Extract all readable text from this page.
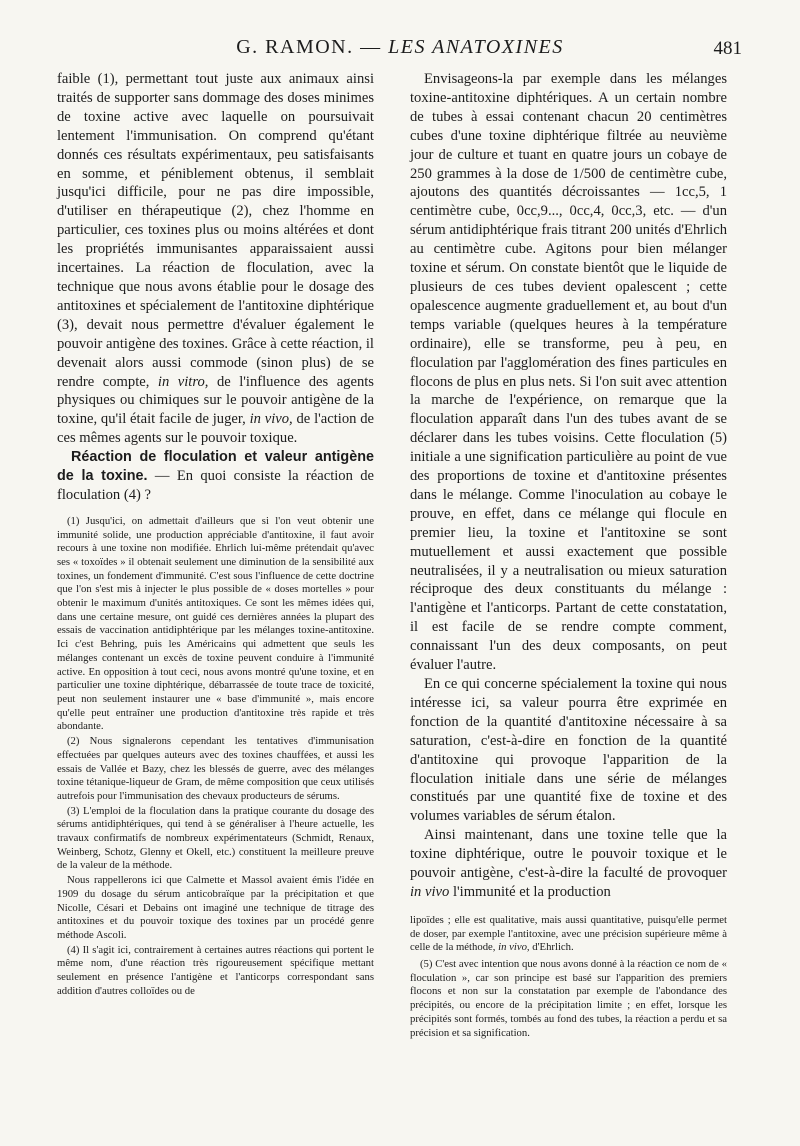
G. RAMON. — LES ANATOXINES	481

faible (1), permettant tout juste aux animaux ainsi traités de supporter sans dommage des doses minimes de toxine active avec laquelle on poursuivait lentement l'immunisation. On comprend qu'étant donnés ces résultats expérimentaux, peu satisfaisants en somme, et péniblement obtenus, il semblait jusqu'ici difficile, pour ne pas dire impossible, d'utiliser en thérapeutique (2), chez l'homme en particulier, ces toxines plus ou moins altérées et dont les propriétés immunisantes apparaissaient aussi incertaines. La réaction de floculation, avec la technique que nous avons établie pour le dosage des antitoxines et spécialement de l'antitoxine diphtérique (3), devait nous permettre d'évaluer également le pouvoir antigène des toxines. Grâce à cette réaction, il devenait alors aussi commode (sinon plus) de se rendre compte, in vitro, de l'influence des agents physiques ou chimiques sur le pouvoir antigène de la toxine, qu'il était facile de juger, in vivo, de l'action de ces mêmes agents sur le pouvoir toxique.

Réaction de floculation et valeur antigène de la toxine. — En quoi consiste la réaction de floculation (4) ?

(1) Jusqu'ici, on admettait d'ailleurs que si l'on veut obtenir une immunité solide, une production appréciable d'antitoxine, il faut avoir recours à une toxine non modifiée. Ehrlich lui-même prétendait qu'avec ses « toxoïdes » il obtenait seulement une diminution de la sensibilité aux toxines, un fondement d'immunité. C'est sous l'influence de cette doctrine que l'on s'est mis à injecter le plus possible de « doses mortelles » pour obtenir le maximum d'unités antitoxiques. Ce sont les mêmes idées qui, dans une certaine mesure, ont guidé ces dernières années la plupart des essais de vaccination antidiphtérique par les mélanges toxine-antitoxine. Ici c'est Behring, puis les Américains qui admettent que seuls les mélanges contenant un excès de toxine peuvent conduire à l'immunité active. En opposition à tout ceci, nous avons montré qu'une toxine, et en particulier une toxine diphtérique, débarrassée de toute trace de toxicité, peut non seulement instaurer une « base d'immunité », mais encore qu'elle peut entraîner une production d'antitoxine très rapide et très abondante.

(2) Nous signalerons cependant les tentatives d'immunisation effectuées par quelques auteurs avec des toxines chauffées, et aussi les essais de Vallée et Bazy, chez les blessés de guerre, avec des mélanges toxine tétanique-liqueur de Gram, de même composition que ceux utilisés autrefois pour l'immunisation des chevaux producteurs de sérums.

(3) L'emploi de la floculation dans la pratique courante du dosage des sérums antidiphtériques, qui tend à se généraliser à l'heure actuelle, les travaux confirmatifs de nombreux expérimentateurs (Schmidt, Renaux, Weinberg, Schotz, Glenny et Okell, etc.) constituent la meilleure preuve de la valeur de la méthode.

Nous rappellerons ici que Calmette et Massol avaient émis l'idée en 1909 du dosage du sérum anticobraïque par la précipitation et que Nicolle, Césari et Debains ont imaginé une technique de titrage des antitoxines et du pouvoir toxique des toxines par un procédé genre méthode Ascoli.

(4) Il s'agit ici, contrairement à certaines autres réactions qui portent le même nom, d'une réaction très rigoureusement spécifique mettant seulement en présence l'antigène et l'anticorps correspondant sans addition d'autres colloïdes ou de

Envisageons-la par exemple dans les mélanges toxine-antitoxine diphtériques. A un certain nombre de tubes à essai contenant chacun 20 centimètres cubes d'une toxine diphtérique filtrée au neuvième jour de culture et tuant en quatre jours un cobaye de 250 grammes à la dose de 1/500 de centimètre cube, ajoutons des quantités décroissantes — 1cc,5, 1 centimètre cube, 0cc,9..., 0cc,4, 0cc,3, etc. — d'un sérum antidiphtérique frais titrant 200 unités d'Ehrlich au centimètre cube. Agitons pour bien mélanger toxine et sérum. On constate bientôt que le liquide de plusieurs de ces tubes devient opalescent ; cette opalescence augmente graduellement et, au bout d'un temps variable (quelques heures à la température ordinaire), elle se transforme, peu à peu, en floculation par l'agglomération des fines particules en flocons de plus en plus nets. Si l'on suit avec attention la marche de l'expérience, on remarque que la floculation apparaît dans l'un des tubes avant de se déclarer dans les tubes voisins. Cette floculation (5) initiale a une signification particulière au point de vue des proportions de toxine et d'antitoxine présentes dans le mélange. Comme l'inoculation au cobaye le prouve, en effet, dans ce mélange qui flocule en premier lieu, la toxine et l'antitoxine se sont mutuellement et aussi exactement que possible neutralisées, il y a neutralisation ou mieux saturation réciproque des deux constituants du mélange : l'antigène et l'anticorps. Partant de cette constatation, il est facile de se rendre compte comment, connaissant l'un des deux composants, on peut évaluer l'autre.

En ce qui concerne spécialement la toxine qui nous intéresse ici, sa valeur pourra être exprimée en fonction de la quantité d'antitoxine nécessaire à sa saturation, c'est-à-dire en fonction de la quantité d'antitoxine qui provoque l'apparition de la floculation initiale dans une série de mélanges constitués par une quantité fixe de toxine et des volumes variables de sérum étalon.

Ainsi maintenant, dans une toxine telle que la toxine diphtérique, outre le pouvoir toxique et le pouvoir antigène, c'est-à-dire la faculté de provoquer in vivo l'immunité et la production

lipoïdes ; elle est qualitative, mais aussi quantitative, puisqu'elle permet de doser, par exemple l'antitoxine, avec une précision supérieure même à celle de la méthode, in vivo, d'Ehrlich.

(5) C'est avec intention que nous avons donné à la réaction ce nom de « floculation », car son principe est basé sur l'apparition des premiers flocons et non sur la constatation par exemple de l'abondance des précipités, ou encore de la précipitation limite ; en effet, lorsque les précipités sont formés, tombés au fond des tubes, la réaction a perdu et sa précision et sa signification.
